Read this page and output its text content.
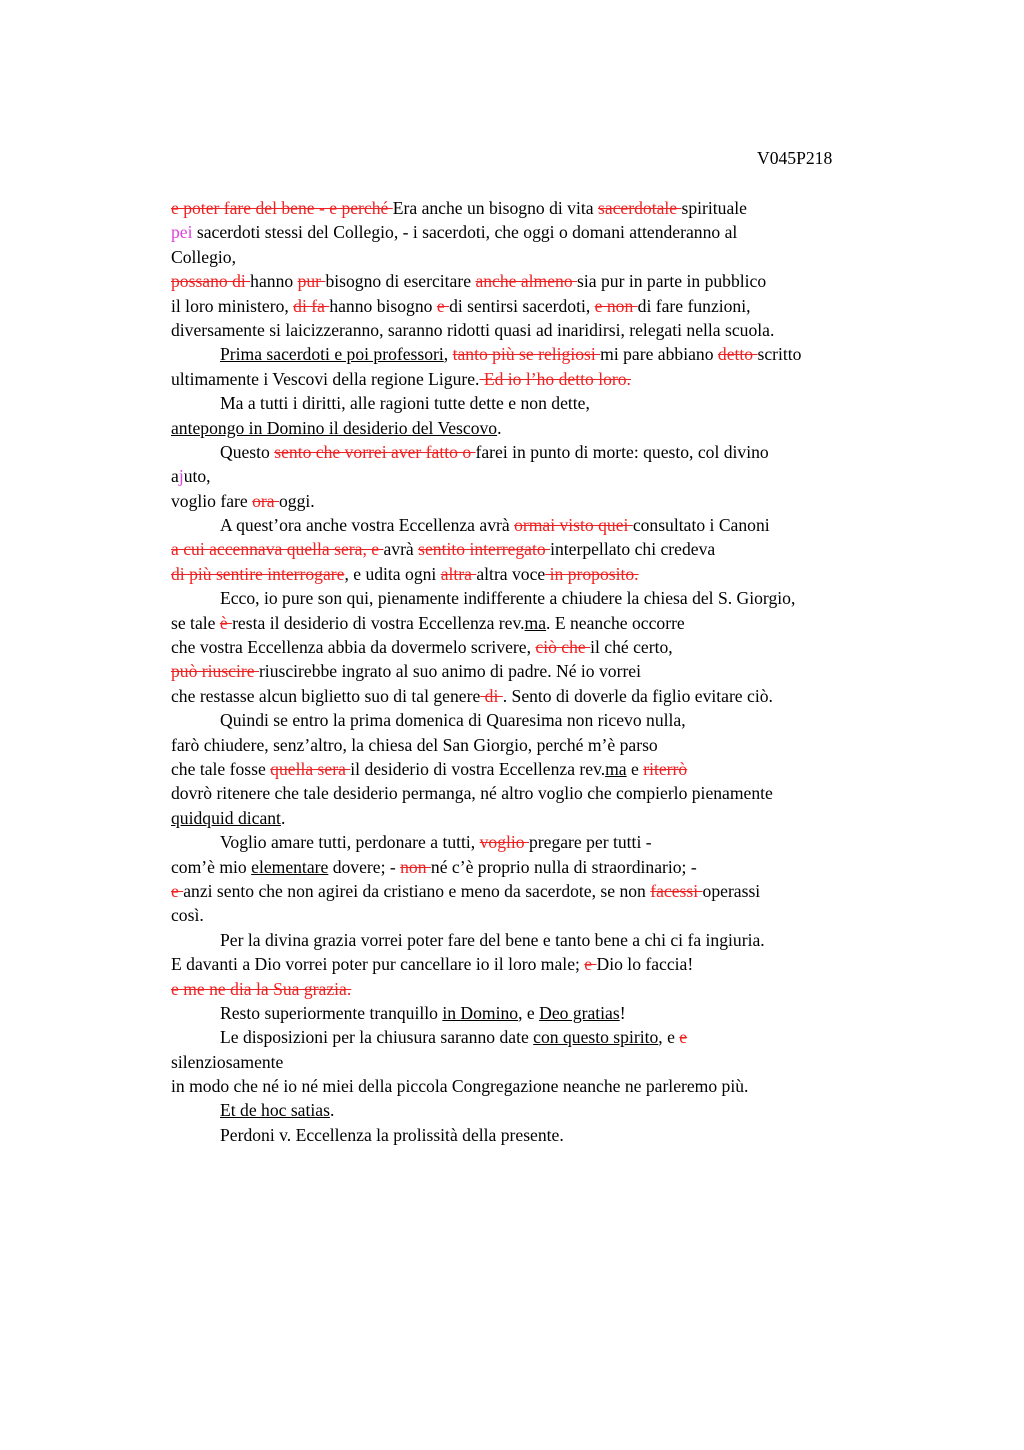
V045P218
e poter fare del bene - e perché Era anche un bisogno di vita sacerdotale spirituale
pei sacerdoti stessi del Collegio, - i sacerdoti, che oggi o domani attenderanno al
Collegio,
possano di hanno pur bisogno di esercitare anche almeno sia pur in parte in pubblico
il loro ministero, di fa hanno bisogno e di sentirsi sacerdoti, e non di fare funzioni,
diversamente si laicizzeranno, saranno ridotti quasi ad inaridirsi, relegati nella scuola.
Prima sacerdoti e poi professori, tanto più se religiosi mi pare abbiano detto scritto
ultimamente i Vescovi della regione Ligure. Ed io l’ho detto loro.
Ma a tutti i diritti, alle ragioni tutte dette e non dette,
antepongo in Domino il desiderio del Vescovo.
Questo sento che vorrei aver fatto o farei in punto di morte: questo, col divino
ajuto,
voglio fare ora oggi.
A quest’ora anche vostra Eccellenza avrà ormai visto quei consultato i Canoni
a cui accennava quella sera, e avrà sentito interregato interpellato chi credeva
di più sentire interrogare, e udita ogni altra altra voce in proposito.
Ecco, io pure son qui, pienamente indifferente a chiudere la chiesa del S. Giorgio,
se tale è resta il desiderio di vostra Eccellenza rev.ma. E neanche occorre
che vostra Eccellenza abbia da dovermelo scrivere, ciò che il ché certo,
può riuscire riuscirebbe ingrato al suo animo di padre. Né io vorrei
che restasse alcun biglietto suo di tal genere di . Sento di doverle da figlio evitare ciò.
Quindi se entro la prima domenica di Quaresima non ricevo nulla,
farò chiudere, senz’altro, la chiesa del San Giorgio, perché m’è parso
che tale fosse quella sera il desiderio di vostra Eccellenza rev.ma e riterrò
dovrò ritenere che tale desiderio permanga, né altro voglio che compierlo pienamente
quidquid dicant.
Voglio amare tutti, perdonare a tutti, voglio pregare per tutti -
com’è mio elementare dovere; - non né c’è proprio nulla di straordinario; -
e anzi sento che non agirei da cristiano e meno da sacerdote, se non facessi operassi
così.
Per la divina grazia vorrei poter fare del bene e tanto bene a chi ci fa ingiuria.
E davanti a Dio vorrei poter pur cancellare io il loro male; e Dio lo faccia!
e me ne dia la Sua grazia.
Resto superiormente tranquillo in Domino, e Deo gratias!
Le disposizioni per la chiusura saranno date con questo spirito, e e
silenziosamente
in modo che né io né miei della piccola Congregazione neanche ne parleremo più.
Et de hoc satias.
Perdoni v. Eccellenza la prolissità della presente.
